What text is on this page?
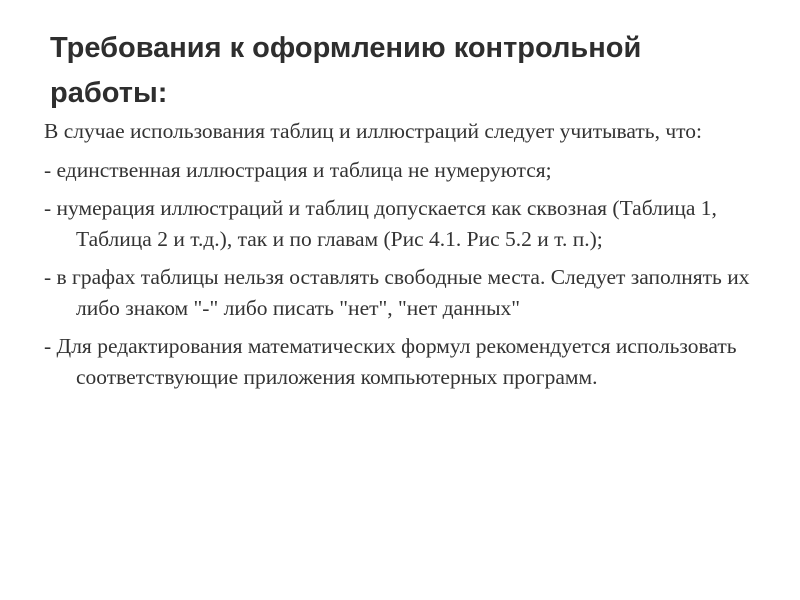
Требования к оформлению контрольной работы:

В случае использования таблиц и иллюстраций следует учитывать, что:

- единственная иллюстрация и таблица не нумеруются;

- нумерация иллюстраций и таблиц допускается как сквозная (Таблица 1, Таблица 2 и т.д.), так и по главам (Рис 4.1. Рис 5.2 и т. п.);

- в графах таблицы нельзя оставлять свободные места. Следует заполнять их либо знаком "-" либо писать "нет", "нет данных"

- Для редактирования математических формул рекомендуется использовать соответствующие приложения компьютерных программ.
